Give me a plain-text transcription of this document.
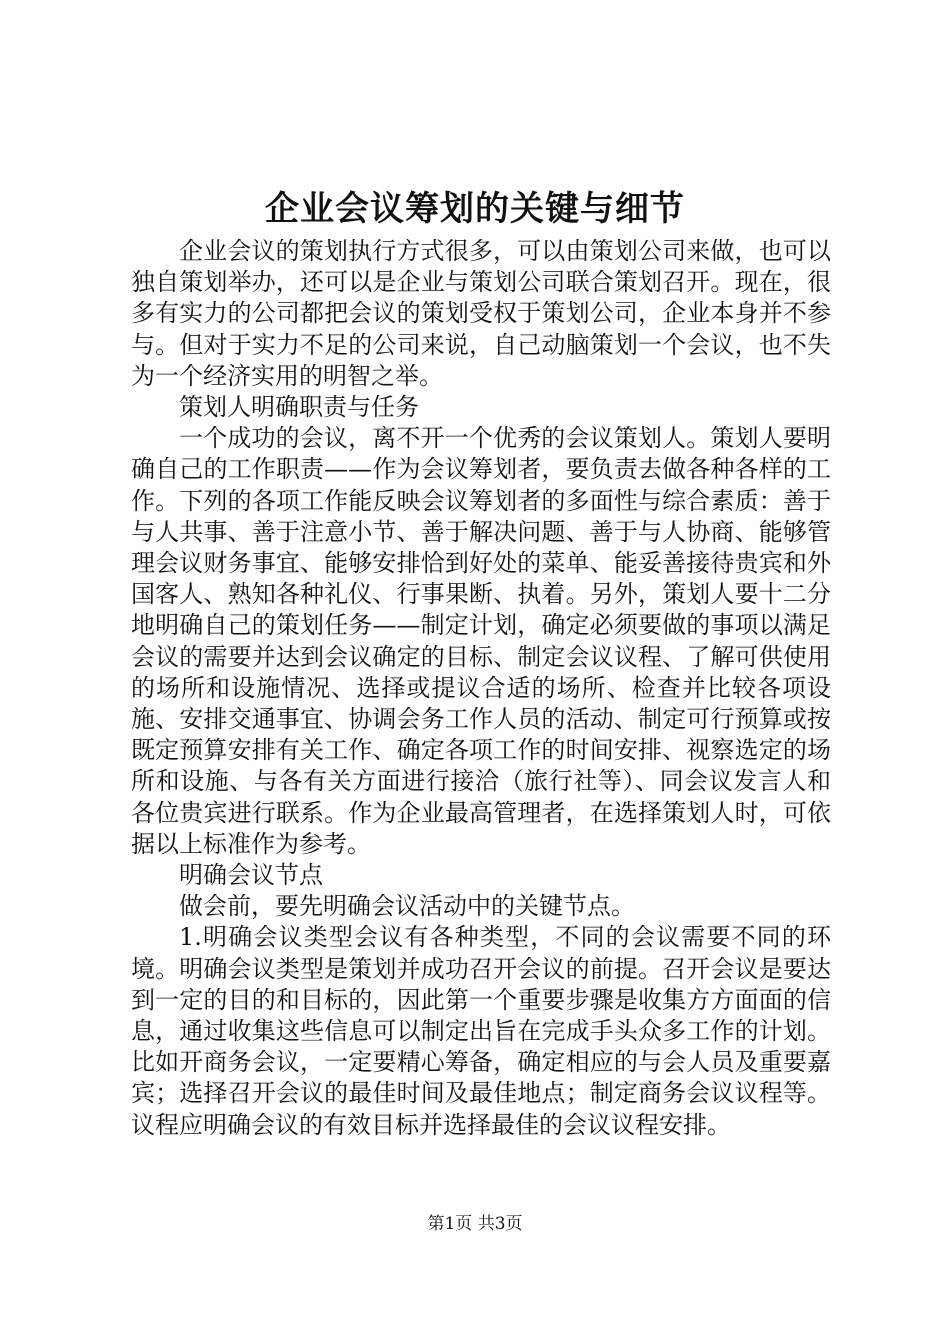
企业会议筹划的关键与细节

企业会议的策划执行方式很多，可以由策划公司来做，也可以独自策划举办，还可以是企业与策划公司联合策划召开。现在，很多有实力的公司都把会议的策划受权于策划公司，企业本身并不参与。但对于实力不足的公司来说，自己动脑策划一个会议，也不失为一个经济实用的明智之举。

策划人明确职责与任务

一个成功的会议，离不开一个优秀的会议策划人。策划人要明确自己的工作职责——作为会议筹划者，要负责去做各种各样的工作。下列的各项工作能反映会议筹划者的多面性与综合素质：善于与人共事、善于注意小节、善于解决问题、善于与人协商、能够管理会议财务事宜、能够安排恰到好处的菜单、能妥善接待贵宾和外国客人、熟知各种礼仪、行事果断、执着。另外，策划人要十二分地明确自己的策划任务——制定计划，确定必须要做的事项以满足会议的需要并达到会议确定的目标、制定会议议程、了解可供使用的场所和设施情况、选择或提议合适的场所、检查并比较各项设施、安排交通事宜、协调会务工作人员的活动、制定可行预算或按既定预算安排有关工作、确定各项工作的时间安排、视察选定的场所和设施、与各有关方面进行接洽（旅行社等）、同会议发言人和各位贵宾进行联系。作为企业最高管理者，在选择策划人时，可依据以上标准作为参考。

明确会议节点

做会前，要先明确会议活动中的关键节点。

1.明确会议类型会议有各种类型，不同的会议需要不同的环境。明确会议类型是策划并成功召开会议的前提。召开会议是要达到一定的目的和目标的，因此第一个重要步骤是收集方方面面的信息，通过收集这些信息可以制定出旨在完成手头众多工作的计划。比如开商务会议，一定要精心筹备，确定相应的与会人员及重要嘉宾；选择召开会议的最佳时间及最佳地点；制定商务会议议程等。议程应明确会议的有效目标并选择最佳的会议议程安排。

第1页 共3页
